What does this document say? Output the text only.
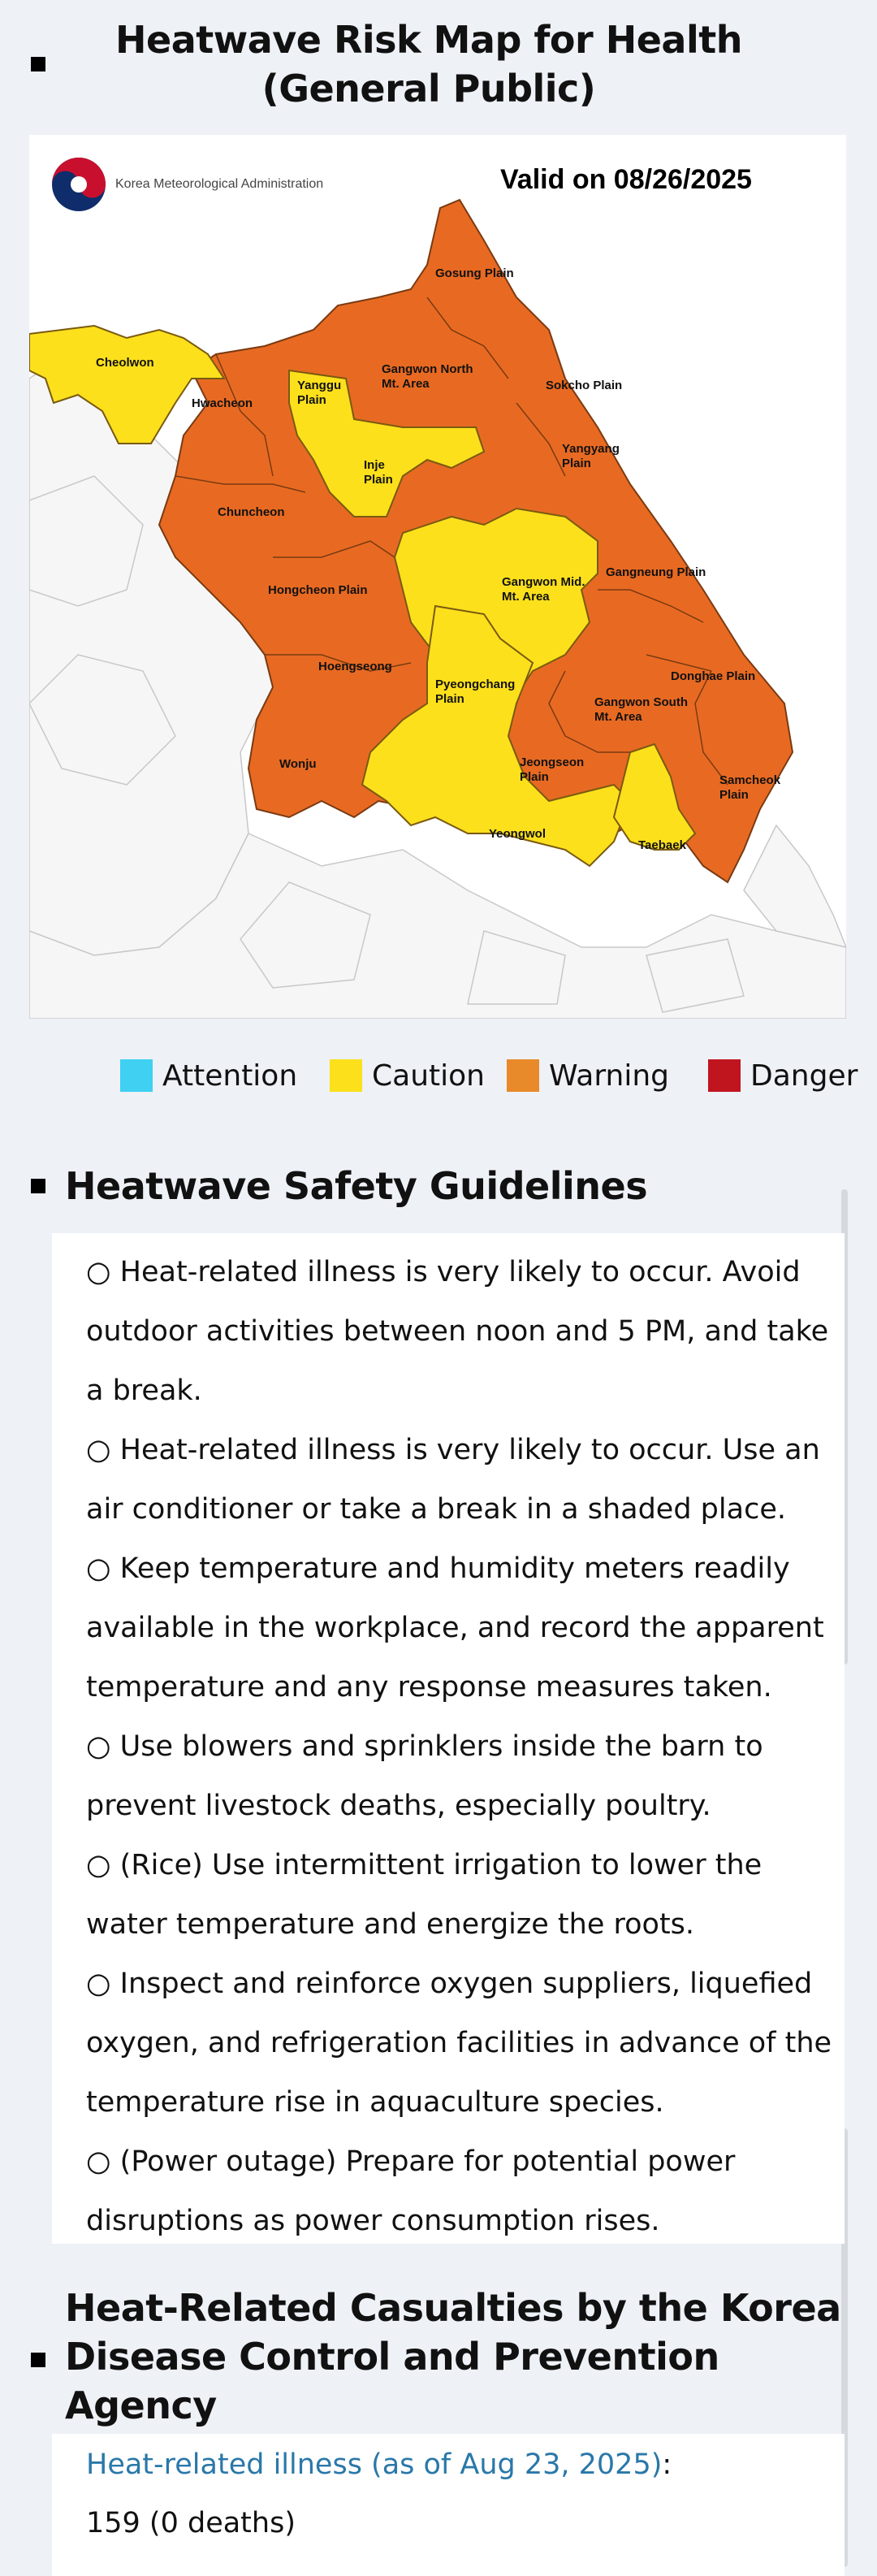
Heatwave Risk Map for Health (General Public)
Korea Meteorological Administration	Valid on 08/26/2025
Gosung Plain
Cheolwon
Hwacheon
Yanggu Plain
Gangwon North Mt. Area	Sokcho Plain
Yangyang Plain
Inje Plain
Chuncheon
Hongcheon Plain
Gangwon Mid. Mt. Area
Gangneung Plain
Hoengseong
Pyeongchang Plain
Donghae Plain
Gangwon South Mt. Area
Wonju	Jeongseon Plain	Samcheok Plain
Yeongwol
Taebaek
Attention	Caution Warning	Danger
Heatwave Safety Guidelines
○ Heat-related illness is very likely to occur. Avoid outdoor activities between noon and 5 PM, and take a break.
○ Heat-related illness is very likely to occur. Use an air conditioner or take a break in a shaded place.
○ Keep temperature and humidity meters readily available in the workplace, and record the apparent temperature and any response measures taken.
○ Use blowers and sprinklers inside the barn to prevent livestock deaths, especially poultry.
○ (Rice) Use intermittent irrigation to lower the water temperature and energize the roots.
○ Inspect and reinforce oxygen suppliers, liquefied oxygen, and refrigeration facilities in advance of the temperature rise in aquaculture species.
○ (Power outage) Prepare for potential power disruptions as power consumption rises.
Heat-Related Casualties by the Korea Disease Control and Prevention Agency
Heat-related illness (as of Aug 23, 2025):
159 (0 deaths)
